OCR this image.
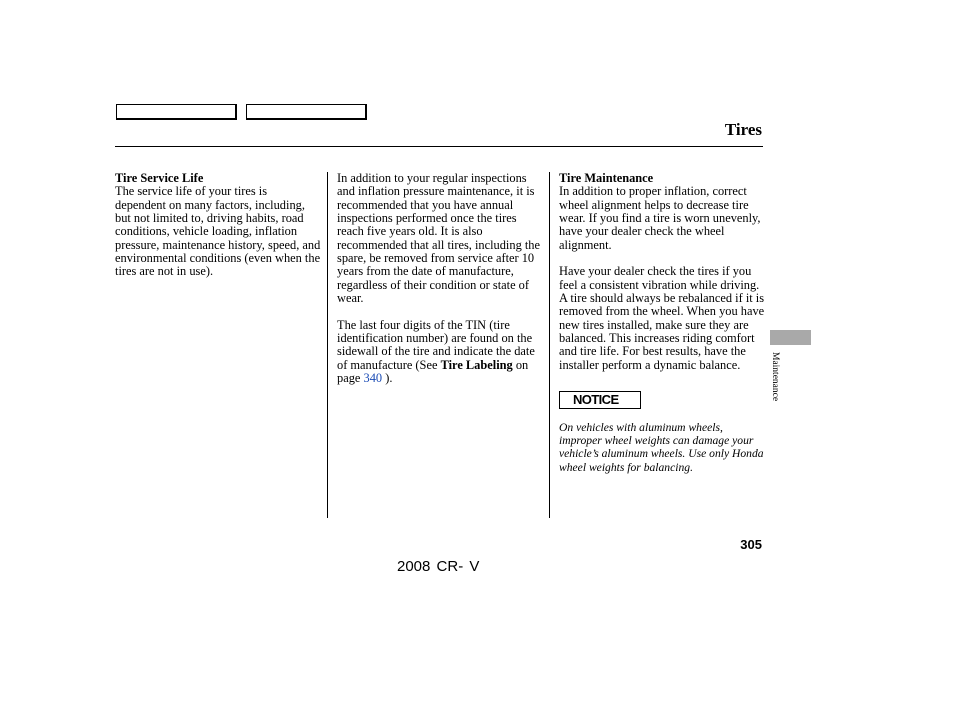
Tires
Tire Service Life

The service life of your tires is dependent on many factors, including, but not limited to, driving habits, road conditions, vehicle loading, inflation pressure, maintenance history, speed, and environmental conditions (even when the tires are not in use).

In addition to your regular inspections and inflation pressure maintenance, it is recommended that you have annual inspections performed once the tires reach five years old. It is also recommended that all tires, including the spare, be removed from service after 10 years from the date of manufacture, regardless of their condition or state of wear.

The last four digits of the TIN (tire identification number) are found on the sidewall of the tire and indicate the date of manufacture (See Tire Labeling on page 340 ).

Tire Maintenance

In addition to proper inflation, correct wheel alignment helps to decrease tire wear. If you find a tire is worn unevenly, have your dealer check the wheel alignment.

Have your dealer check the tires if you feel a consistent vibration while driving. A tire should always be rebalanced if it is removed from the wheel. When you have new tires installed, make sure they are balanced. This increases riding comfort and tire life. For best results, have the installer perform a dynamic balance.

NOTICE
On vehicles with aluminum wheels, improper wheel weights can damage your vehicle’s aluminum wheels. Use only Honda wheel weights for balancing.
Maintenance
305
2008 CR- V
